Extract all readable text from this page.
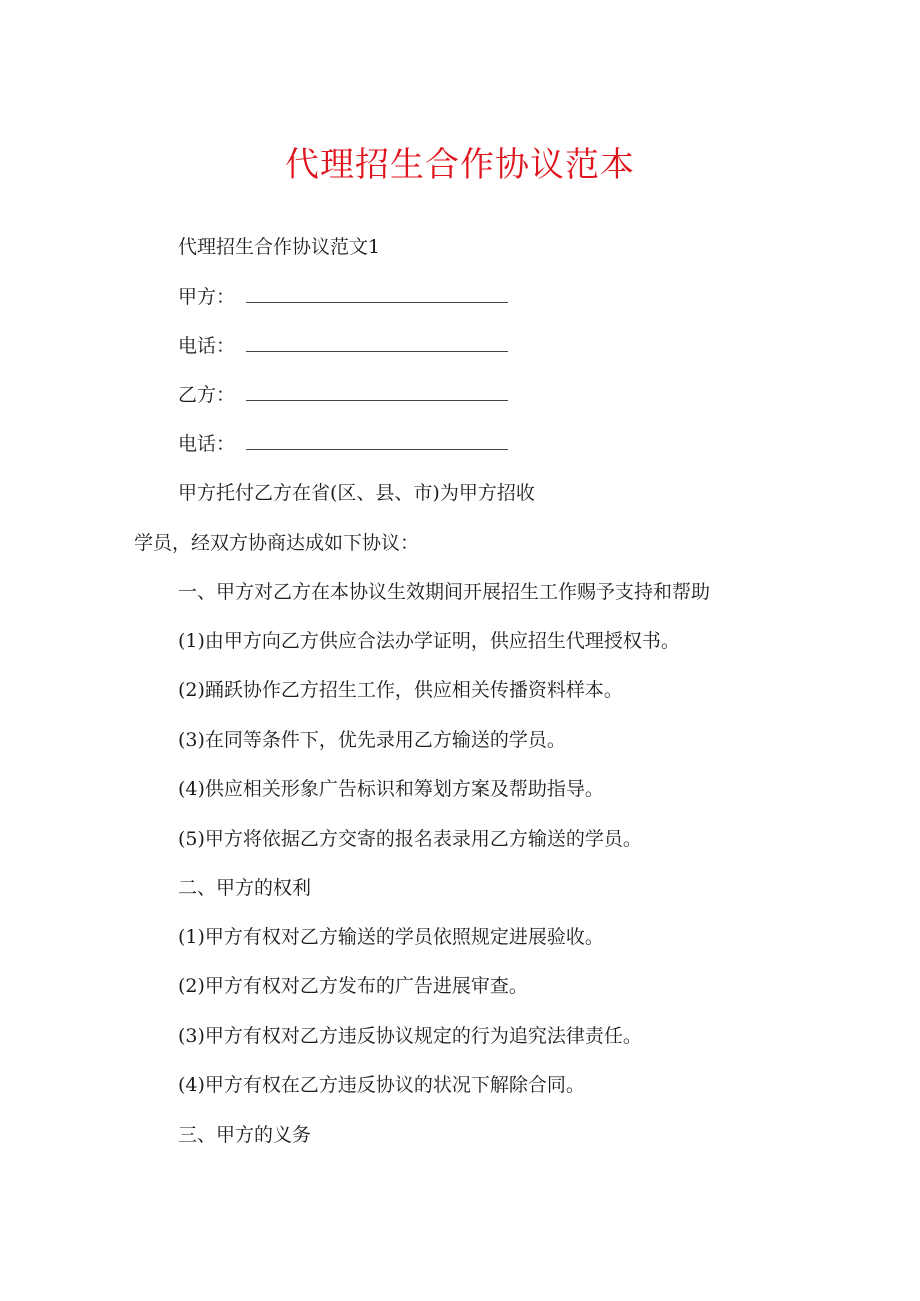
代理招生合作协议范本
代理招生合作协议范文1
甲方：
电话：
乙方：
电话：
甲方托付乙方在省(区、县、市)为甲方招收
学员，经双方协商达成如下协议：
一、甲方对乙方在本协议生效期间开展招生工作赐予支持和帮助
(1)由甲方向乙方供应合法办学证明，供应招生代理授权书。
(2)踊跃协作乙方招生工作，供应相关传播资料样本。
(3)在同等条件下，优先录用乙方输送的学员。
(4)供应相关形象广告标识和筹划方案及帮助指导。
(5)甲方将依据乙方交寄的报名表录用乙方输送的学员。
二、甲方的权利
(1)甲方有权对乙方输送的学员依照规定进展验收。
(2)甲方有权对乙方发布的广告进展审查。
(3)甲方有权对乙方违反协议规定的行为追究法律责任。
(4)甲方有权在乙方违反协议的状况下解除合同。
三、甲方的义务
